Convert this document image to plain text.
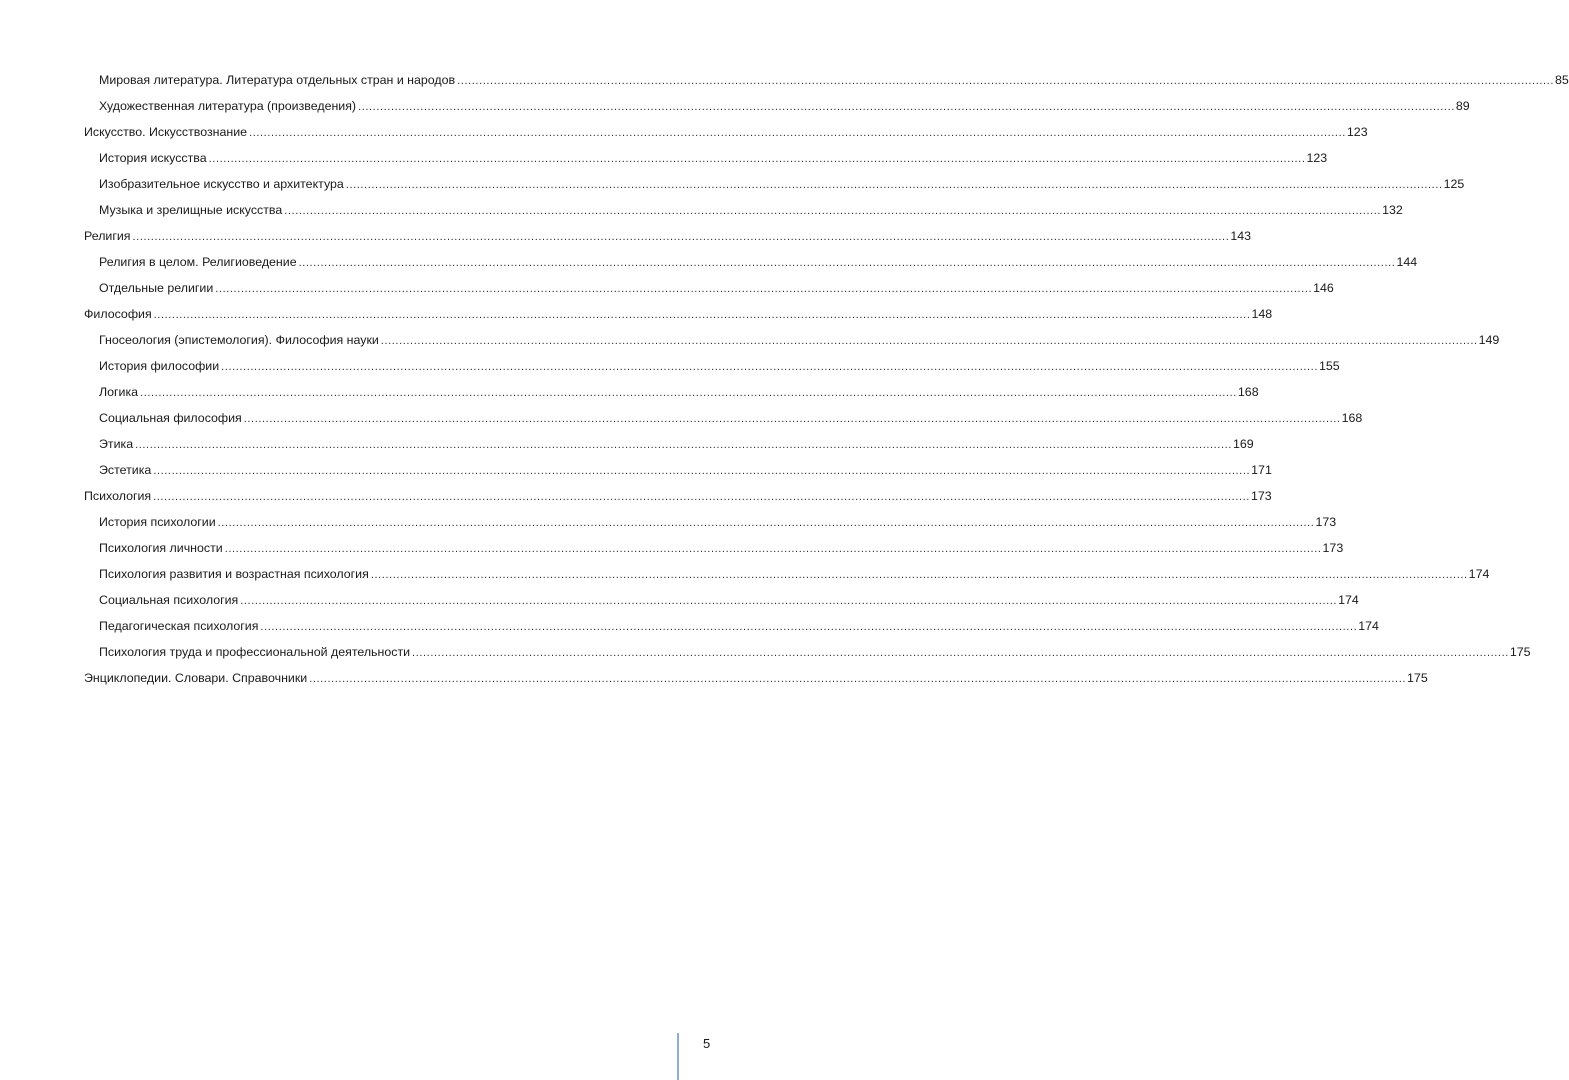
Мировая литература. Литература отдельных стран и народов ............................................................................................................................................................................................................................................................................................................ 85
Художественная литература (произведения) ............................................................................................................................................................................................................................................................................................................ 89
Искусство. Искусствознание ............................................................................................................................................................................................................................................................................................................ 123
История искусства ............................................................................................................................................................................................................................................................................................................ 123
Изобразительное искусство и архитектура ............................................................................................................................................................................................................................................................................................................ 125
Музыка и зрелищные искусства ............................................................................................................................................................................................................................................................................................................ 132
Религия ............................................................................................................................................................................................................................................................................................................ 143
Религия в целом. Религиоведение ............................................................................................................................................................................................................................................................................................................ 144
Отдельные религии ............................................................................................................................................................................................................................................................................................................ 146
Философия ............................................................................................................................................................................................................................................................................................................ 148
Гносеология (эпистемология). Философия науки ............................................................................................................................................................................................................................................................................................................ 149
История философии ............................................................................................................................................................................................................................................................................................................ 155
Логика ............................................................................................................................................................................................................................................................................................................ 168
Социальная философия ............................................................................................................................................................................................................................................................................................................ 168
Этика ............................................................................................................................................................................................................................................................................................................ 169
Эстетика ............................................................................................................................................................................................................................................................................................................ 171
Психология ............................................................................................................................................................................................................................................................................................................ 173
История психологии ............................................................................................................................................................................................................................................................................................................ 173
Психология личности ............................................................................................................................................................................................................................................................................................................ 173
Психология развития и возрастная психология ............................................................................................................................................................................................................................................................................................................ 174
Социальная психология ............................................................................................................................................................................................................................................................................................................ 174
Педагогическая психология ............................................................................................................................................................................................................................................................................................................ 174
Психология труда и профессиональной деятельности ............................................................................................................................................................................................................................................................................................................ 175
Энциклопедии. Словари. Справочники ............................................................................................................................................................................................................................................................................................................ 175
5
